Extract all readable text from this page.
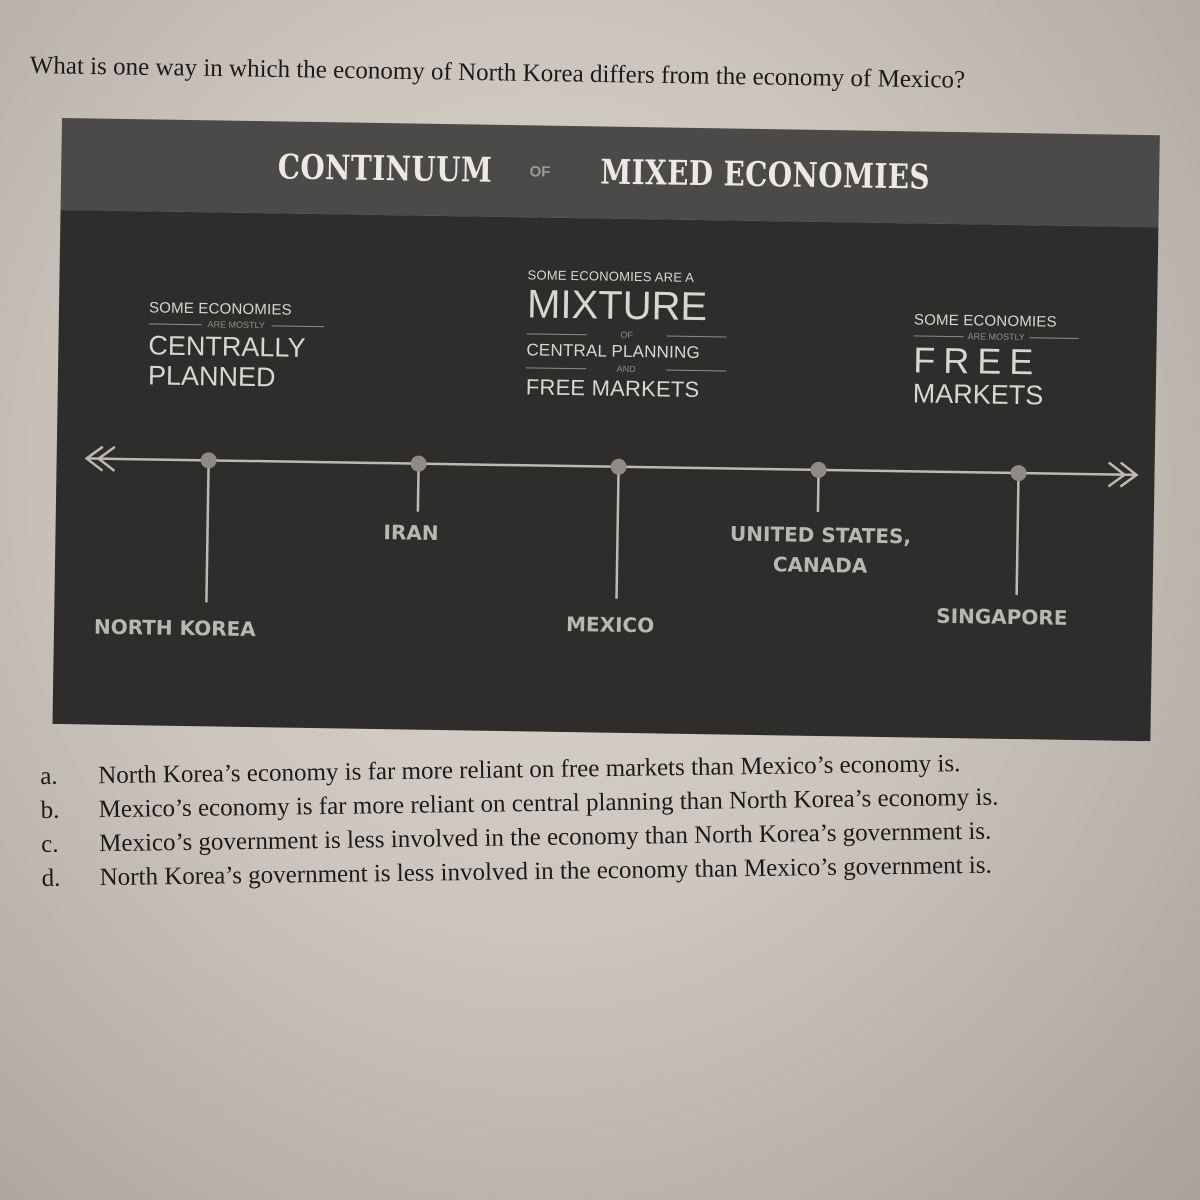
What is one way in which the economy of North Korea differs from the economy of Mexico?
CONTINUUM OF MIXED ECONOMIES
SOME ECONOMIES
ARE MOSTLY
CENTRALLY
PLANNED
SOME ECONOMIES ARE A
MIXTURE
OF
CENTRAL PLANNING
AND
FREE MARKETS
SOME ECONOMIES
ARE MOSTLY
FREE
MARKETS
NORTH KOREA
IRAN
MEXICO
UNITED STATES,
CANADA
SINGAPORE
a.	North Korea’s economy is far more reliant on free markets than Mexico’s economy is.
b.	Mexico’s economy is far more reliant on central planning than North Korea’s economy is.
c.	Mexico’s government is less involved in the economy than North Korea’s government is.
d.	North Korea’s government is less involved in the economy than Mexico’s government is.
